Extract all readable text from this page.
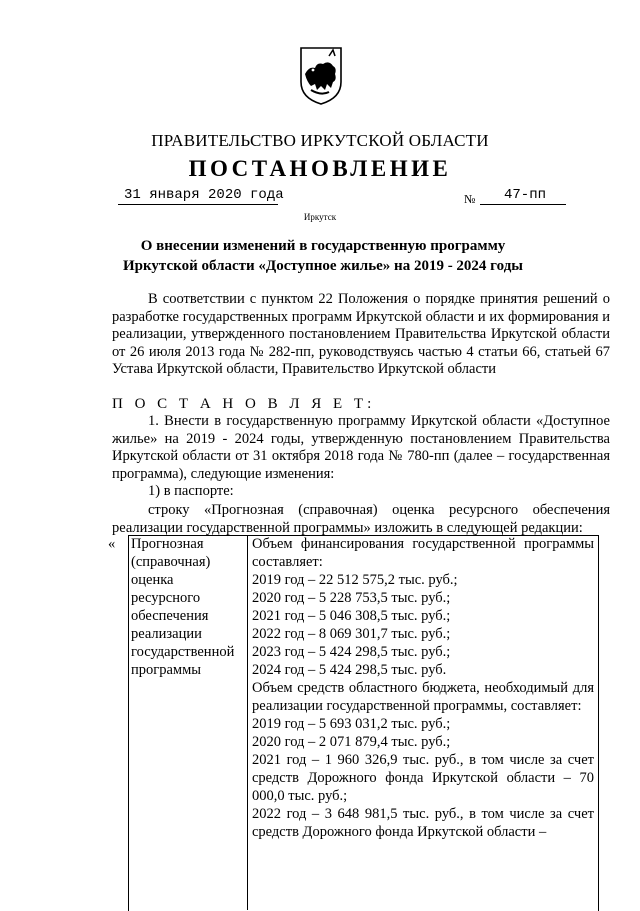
ПРАВИТЕЛЬСТВО ИРКУТСКОЙ ОБЛАСТИ
ПОСТАНОВЛЕНИЕ
31 января 2020 года	№ 47-пп
Иркутск
О внесении изменений в государственную программу Иркутской области «Доступное жилье» на 2019 - 2024 годы
В соответствии с пунктом 22 Положения о порядке принятия решений о разработке государственных программ Иркутской области и их формирования и реализации, утвержденного постановлением Правительства Иркутской области от 26 июля 2013 года № 282-пп, руководствуясь частью 4 статьи 66, статьей 67 Устава Иркутской области, Правительство Иркутской области
П О С Т А Н О В Л Я Е Т:
1. Внести в государственную программу Иркутской области «Доступное жилье» на 2019 - 2024 годы, утвержденную постановлением Правительства Иркутской области от 31 октября 2018 года № 780-пп (далее – государственная программа), следующие изменения:
1) в паспорте:
строку «Прогнозная (справочная) оценка ресурсного обеспечения реализации государственной программы» изложить в следующей редакции:
« Прогнозная
(справочная)
оценка
ресурсного
обеспечения
реализации
государственной
программы
Объем финансирования государственной программы составляет:
2019 год – 22 512 575,2 тыс. руб.;
2020 год – 5 228 753,5 тыс. руб.;
2021 год – 5 046 308,5 тыс. руб.;
2022 год – 8 069 301,7 тыс. руб.;
2023 год – 5 424 298,5 тыс. руб.;
2024 год – 5 424 298,5 тыс. руб.
Объем средств областного бюджета, необходимый для реализации государственной программы, составляет:
2019 год – 5 693 031,2 тыс. руб.;
2020 год – 2 071 879,4 тыс. руб.;
2021 год – 1 960 326,9 тыс. руб., в том числе за счет средств Дорожного фонда Иркутской области – 70 000,0 тыс. руб.;
2022 год – 3 648 981,5 тыс. руб., в том числе за счет средств Дорожного фонда Иркутской области –
